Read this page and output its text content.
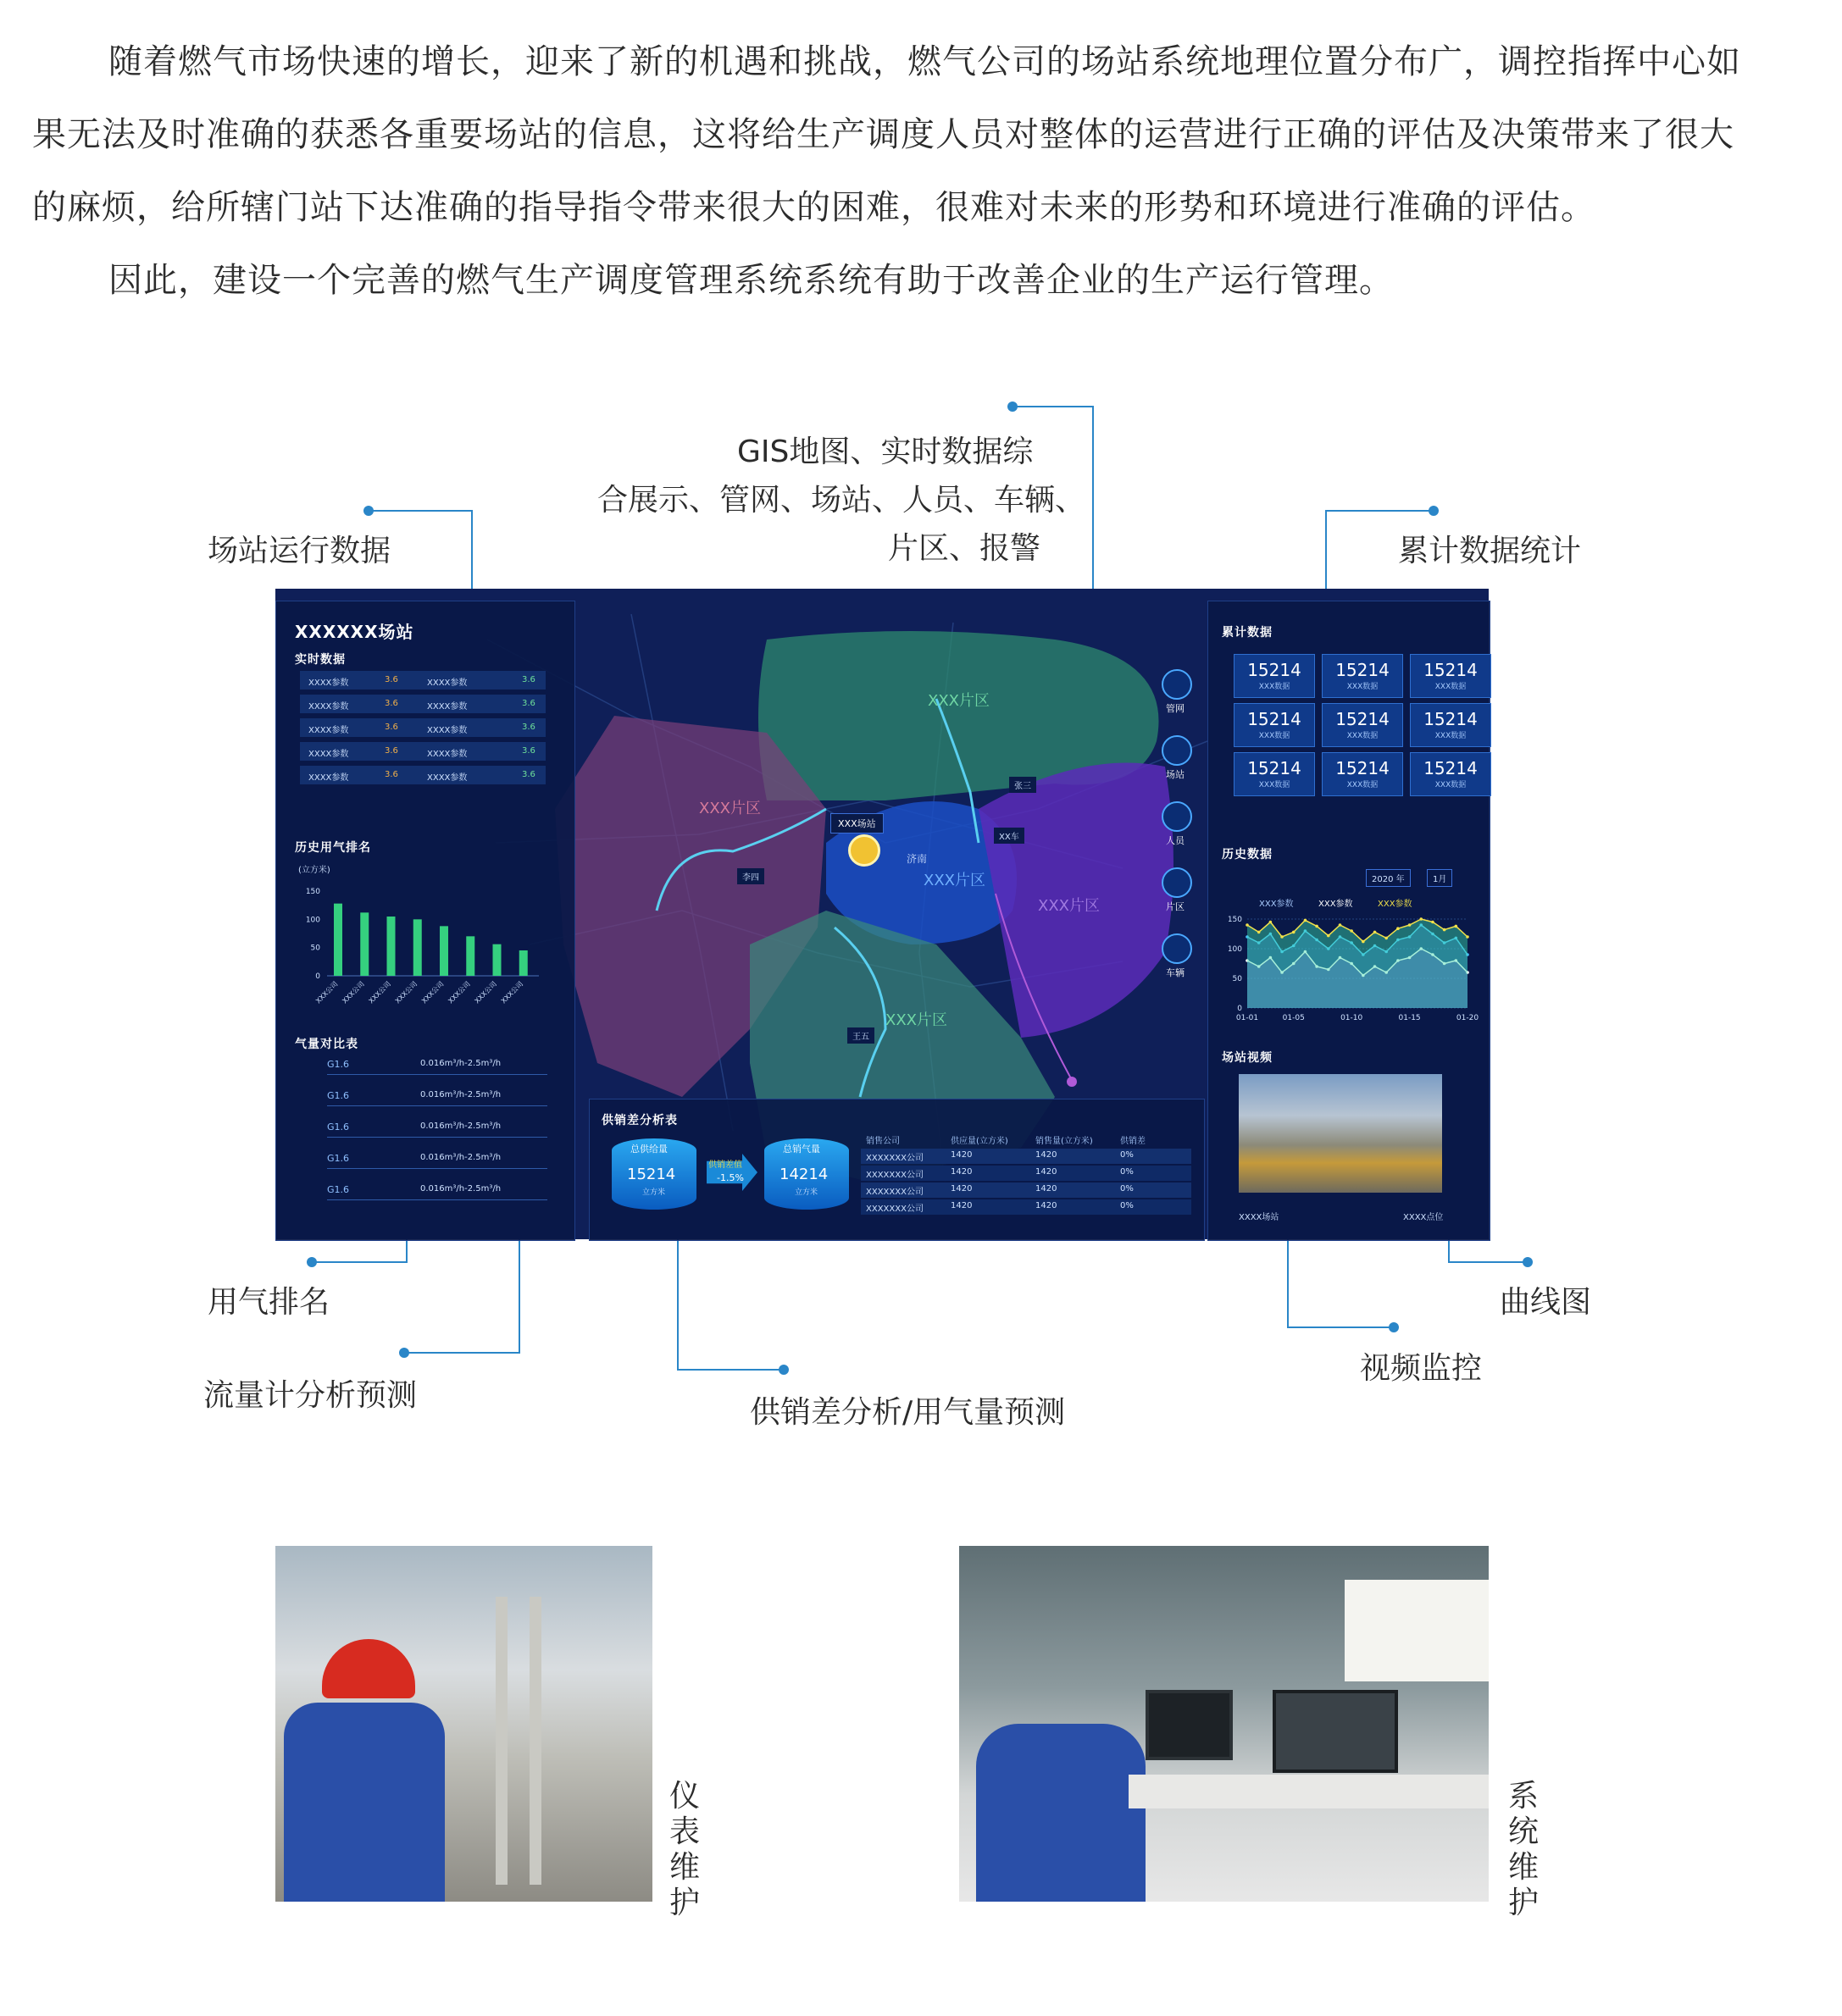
随着燃气市场快速的增长，迎来了新的机遇和挑战，燃气公司的场站系统地理位置分布广，调控指挥中心如果无法及时准确的获悉各重要场站的信息，这将给生产调度人员对整体的运营进行正确的评估及决策带来了很大的麻烦，给所辖门站下达准确的指导指令带来很大的困难，很难对未来的形势和环境进行准确的评估。

因此，建设一个完善的燃气生产调度管理系统系统有助于改善企业的生产运行管理。

GIS地图、实时数据综
合展示、管网、场站、人员、车辆、
片区、报警
场站运行数据	累计数据统计
用气排名
流量计分析预测	供销差分析/用气量预测
曲线图
视频监控
XXX片区
XXX片区
XXX片区
XXX片区
XXX片区
XXX场站
济南
李四
王五
张三
XX车
XXXXXX场站
实时数据
XXXX参数	3.6	XXXX参数	3.6
XXXX参数	3.6	XXXX参数	3.6
XXXX参数	3.6	XXXX参数	3.6
XXXX参数	3.6	XXXX参数	3.6
XXXX参数	3.6	XXXX参数	3.6
历史用气排名
(立方米)
150
100
50
0
XXX公司 XXX公司 XXX公司 XXX公司 XXX公司 XXX公司 XXX公司 XXX公司
气量对比表
G1.6	0.016m³/h-2.5m³/h
G1.6	0.016m³/h-2.5m³/h
G1.6	0.016m³/h-2.5m³/h
G1.6	0.016m³/h-2.5m³/h
G1.6	0.016m³/h-2.5m³/h
管网
场站
人员
片区
车辆
累计数据
15214
XXX数据
15214
XXX数据
15214
XXX数据
15214
XXX数据
15214
XXX数据
15214
XXX数据
15214
XXX数据
15214
XXX数据
15214
XXX数据
历史数据
2020 年	1月
XXX参数	XXX参数	XXX参数
150
100
50
0
01-01	01-05	01-10	01-15	01-20
场站视频
XXXX场站	XXXX点位
供销差分析表
总供给量
15214
立方米
供销差值
-1.5%
总销气量
14214
立方米
销售公司	供应量(立方米)	销售量(立方米)	供销差
XXXXXXX公司	1420	1420	0%
XXXXXXX公司	1420	1420	0%
XXXXXXX公司	1420	1420	0%
XXXXXXX公司	1420	1420	0%
仪表维护
系统维护
